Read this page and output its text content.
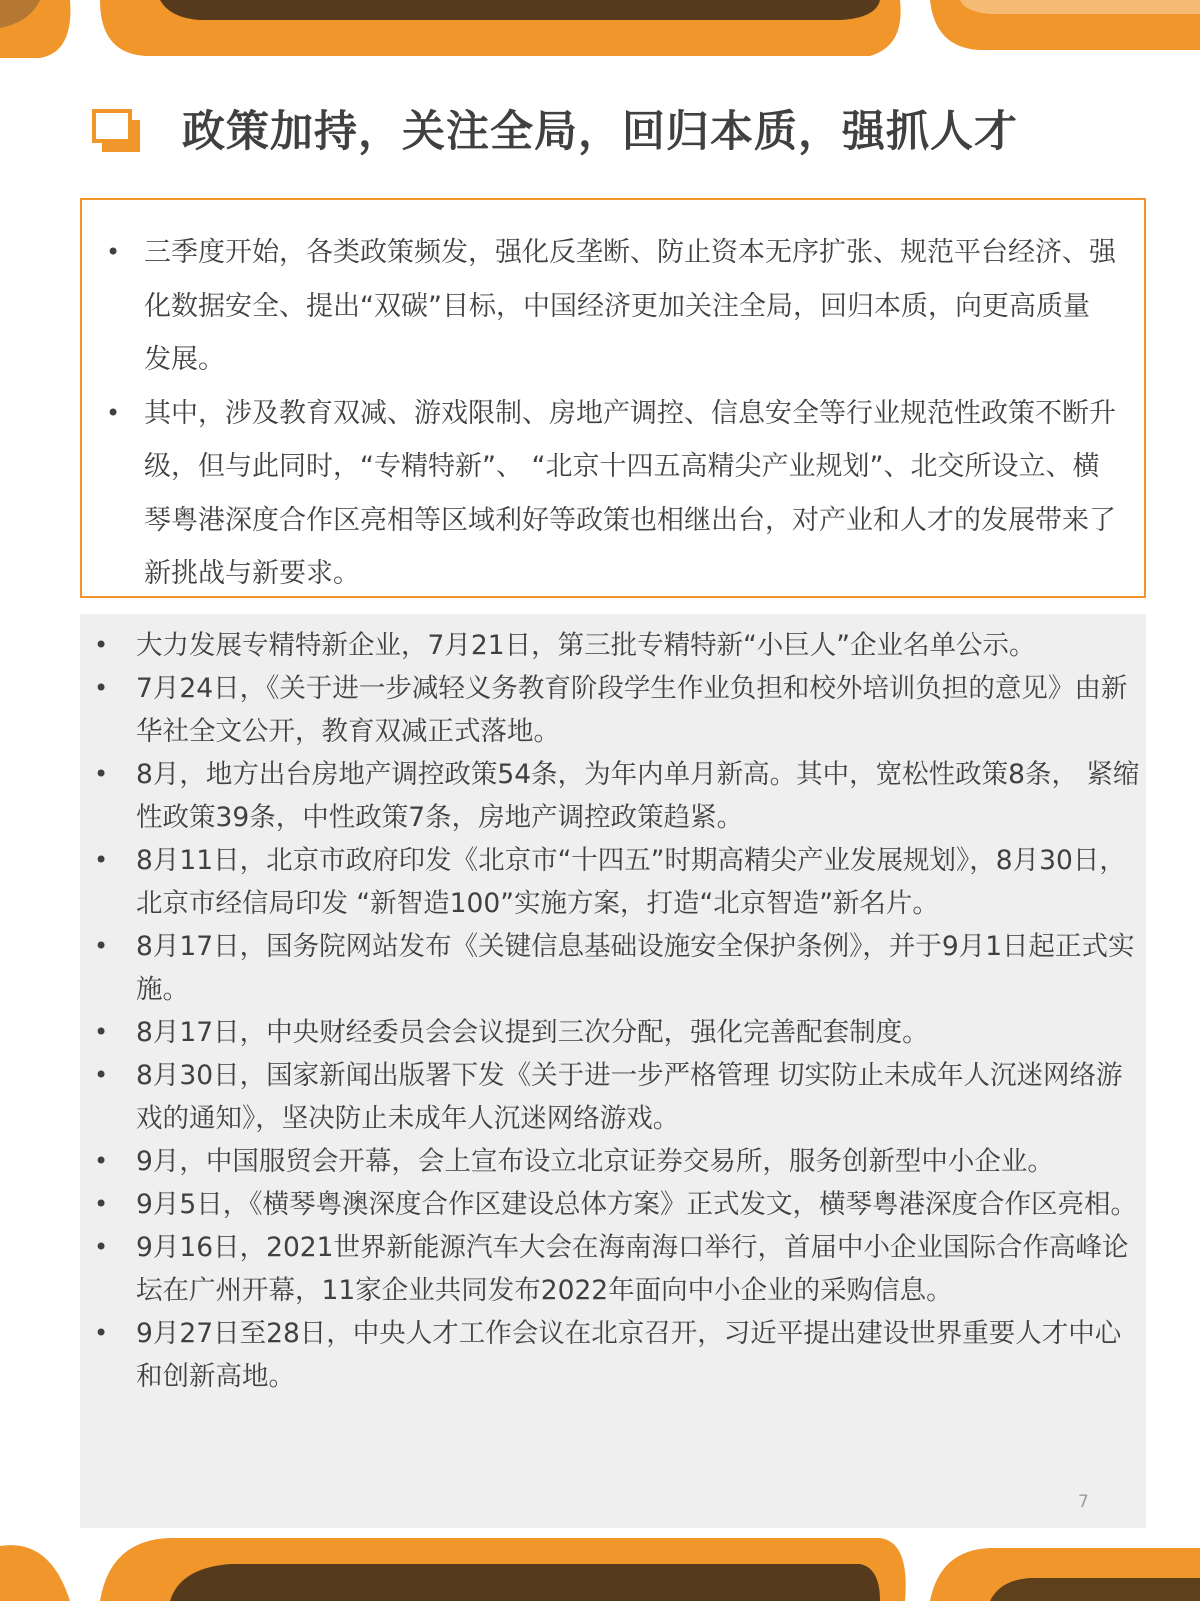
政策加持，关注全局，回归本质，强抓人才
• 三季度开始，各类政策频发，强化反垄断、防止资本无序扩张、规范平台经济、强化数据安全、提出“双碳”目标，中国经济更加关注全局，回归本质，向更高质量发展。
• 其中，涉及教育双减、游戏限制、房地产调控、信息安全等行业规范性政策不断升级，但与此同时，“专精特新”、 “北京十四五高精尖产业规划”、北交所设立、横琴粤港深度合作区亮相等区域利好等政策也相继出台，对产业和人才的发展带来了新挑战与新要求。
• 大力发展专精特新企业，7月21日，第三批专精特新“小巨人”企业名单公示。
• 7月24日，《关于进一步减轻义务教育阶段学生作业负担和校外培训负担的意见》由新华社全文公开，教育双减正式落地。
• 8月，地方出台房地产调控政策54条，为年内单月新高。其中，宽松性政策8条， 紧缩性政策39条，中性政策7条，房地产调控政策趋紧。
• 8月11日，北京市政府印发《北京市“十四五”时期高精尖产业发展规划》，8月30日，北京市经信局印发 “新智造100”实施方案，打造“北京智造”新名片。
• 8月17日，国务院网站发布《关键信息基础设施安全保护条例》，并于9月1日起正式实施。
• 8月17日，中央财经委员会会议提到三次分配，强化完善配套制度。
• 8月30日，国家新闻出版署下发《关于进一步严格管理 切实防止未成年人沉迷网络游戏的通知》，坚决防止未成年人沉迷网络游戏。
• 9月，中国服贸会开幕，会上宣布设立北京证券交易所，服务创新型中小企业。
• 9月5日，《横琴粤澳深度合作区建设总体方案》正式发文，横琴粤港深度合作区亮相。
• 9月16日，2021世界新能源汽车大会在海南海口举行，首届中小企业国际合作高峰论坛在广州开幕，11家企业共同发布2022年面向中小企业的采购信息。
• 9月27日至28日，中央人才工作会议在北京召开，习近平提出建设世界重要人才中心和创新高地。
7
